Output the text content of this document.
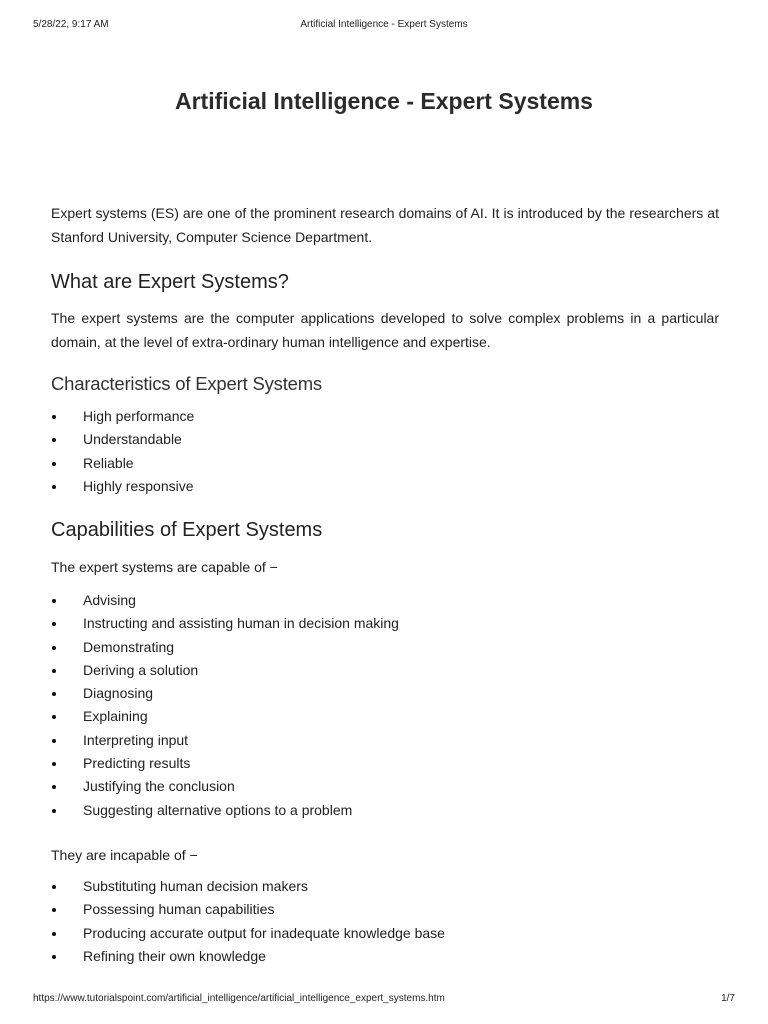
5/28/22, 9:17 AM	Artificial Intelligence - Expert Systems
Artificial Intelligence - Expert Systems

Expert systems (ES) are one of the prominent research domains of AI. It is introduced by the researchers at Stanford University, Computer Science Department.

What are Expert Systems?

The expert systems are the computer applications developed to solve complex problems in a particular domain, at the level of extra-ordinary human intelligence and expertise.

Characteristics of Expert Systems
High performance
Understandable
Reliable
Highly responsive
Capabilities of Expert Systems

The expert systems are capable of −

Advising
Instructing and assisting human in decision making
Demonstrating
Deriving a solution
Diagnosing
Explaining
Interpreting input
Predicting results
Justifying the conclusion
Suggesting alternative options to a problem

They are incapable of −

Substituting human decision makers
Possessing human capabilities
Producing accurate output for inadequate knowledge base
Refining their own knowledge
https://www.tutorialspoint.com/artificial_intelligence/artificial_intelligence_expert_systems.htm	1/7
